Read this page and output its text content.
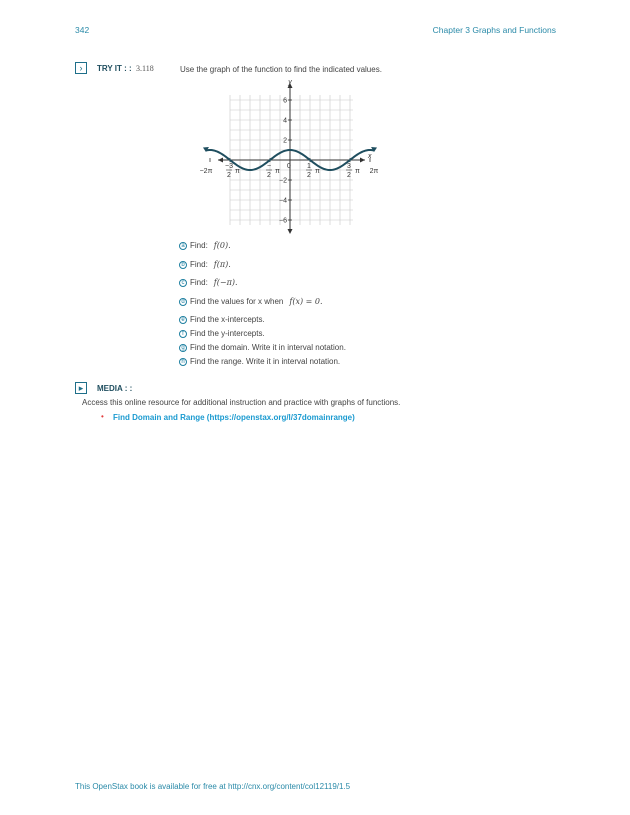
342	Chapter 3 Graphs and Functions
›	TRY IT : : 3.118	Use the graph of the function to find the indicated values.
x
y
6
4
2
−2
−4
−6
−2π
−3
2
π
−
2
π
0 1
2
π
3
2
π 2π
a Find: f(0).
b Find: f(π).
c Find: f(−π).
d Find the values for x when f(x) = 0.
e Find the x-intercepts.
f Find the y-intercepts.
g Find the domain. Write it in interval notation.
h Find the range. Write it in interval notation.
▸	MEDIA : :
Access this online resource for additional instruction and practice with graphs of functions.
• Find Domain and Range (https://openstax.org/l/37domainrange)
This OpenStax book is available for free at http://cnx.org/content/col12119/1.5
